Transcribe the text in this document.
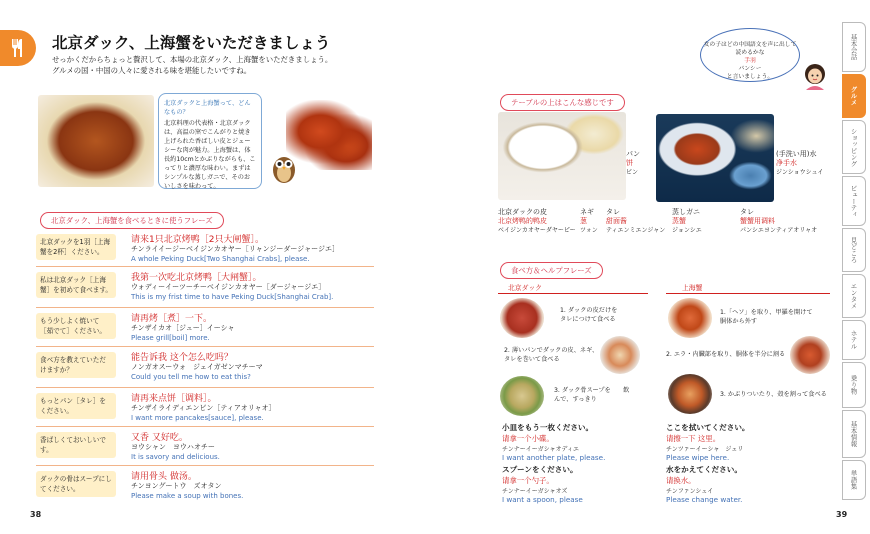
北京ダック、上海蟹をいただきましょう
せっかくだからちょっと贅沢して、本場の北京ダック、上海蟹をいただきましょう。
グルメの国・中国の人々に愛される味を堪能したいですね。
北京ダックと上海蟹って、どんなもの？
北京料理の代表格・北京ダックは、高温の窯でこんがりと焼き上げられた香ばしい皮とジューシーな肉が魅力。上海蟹は、体長約10cmとかぶりながらも、こってりと濃厚な味わい。まずはシンプルな蒸しガニで、そのおいしさを味わって。
北京ダック、上海蟹を食べるときに使うフレーズ
北京ダックを1羽［上海蟹を2杯］ください。
请来1只北京烤鸭［2只大闸蟹］。
チンライイージーベイジンカオヤー［リャンジーダージャージエ］
A whole Peking Duck[Two Shanghai Crabs], please.
私は北京ダック［上海蟹］を初めて食べます。
我第一次吃北京烤鸭［大闸蟹］。
ウォディーイーツーチーベイジンカオヤー［ダージャージエ］
This is my frist time to have Peking Duck[Shanghai Crab].
もう少しよく焼いて［茹でて］ください。
请再烤［煮］一下。
チンザイカオ［ジュー］イーシャ
Please grill[boil] more.
食べ方を教えていただけますか？
能告诉我 这个怎么吃吗？
ノンガオスーウォ　ジェイガゼンマチーマ
Could you tell me how to eat this?
もっとパン［タレ］をください。
请再来点饼［调料］。
チンザイライディエンビン［ティアオリャオ］
I want more pancakes[sauce], please.
香ばしくておいしいです。
又香 又好吃。
ヨウシャン　ヨウハオチー
It is savory and delicious.
ダックの骨はスープにしてください。
请用骨头 做汤。
チンヨングートウ　ズオタン
Please make a soup with bones.
38
女の子はどの中国語文を声に出して読めるかな
手羽
パンシー
と言いましょう。
基本会話
グルメ
ショッピング
ビューティ
見どころ
エンタメ
ホテル
乗り物
基本情報
単語集
テーブルの上はこんな感じです
パン
饼
ビン
北京ダックの皮
北京烤鸭的鸭皮
ベイジンカオヤーダヤーピー
ネギ
葱
ツォン
タレ
甜面酱
ティエンミエンジャン
(手洗い用)水
净手水
ジンショウシュイ
蒸しガニ
蒸蟹
ジョンシエ
タレ
蟹蟹用调料
パンシエヨンティアオリャオ
食べ方＆ヘルプフレーズ
北京ダック	上海蟹
1. ダックの皮だけを　　タレにつけて食べる
2. 薄いパンでダックの皮、ネギ、タレを巻いて食べる
3. ダック骨スープを　　飲んで、すっきり
1.「ヘソ」を取り、甲羅を開けて　　胴体から外す
2. エラ・内臓部を取り、胴体を半分に割る
3. かぶりついたり、殻を割って食べる
小皿をもう一枚ください。
请拿一个小碟。
チンナーイーガシャオディエ
I want another plate, please.
スプーンをください。
请拿一个勺子。
チンナーイーガシャオズ
I want a spoon, please
ここを拭いてください。
请擦一下 这里。
チンツァーイーシャ　ジェリ
Please wipe here.
水をかえてください。
请换水。
チンファンシュイ
Please change water.
39
